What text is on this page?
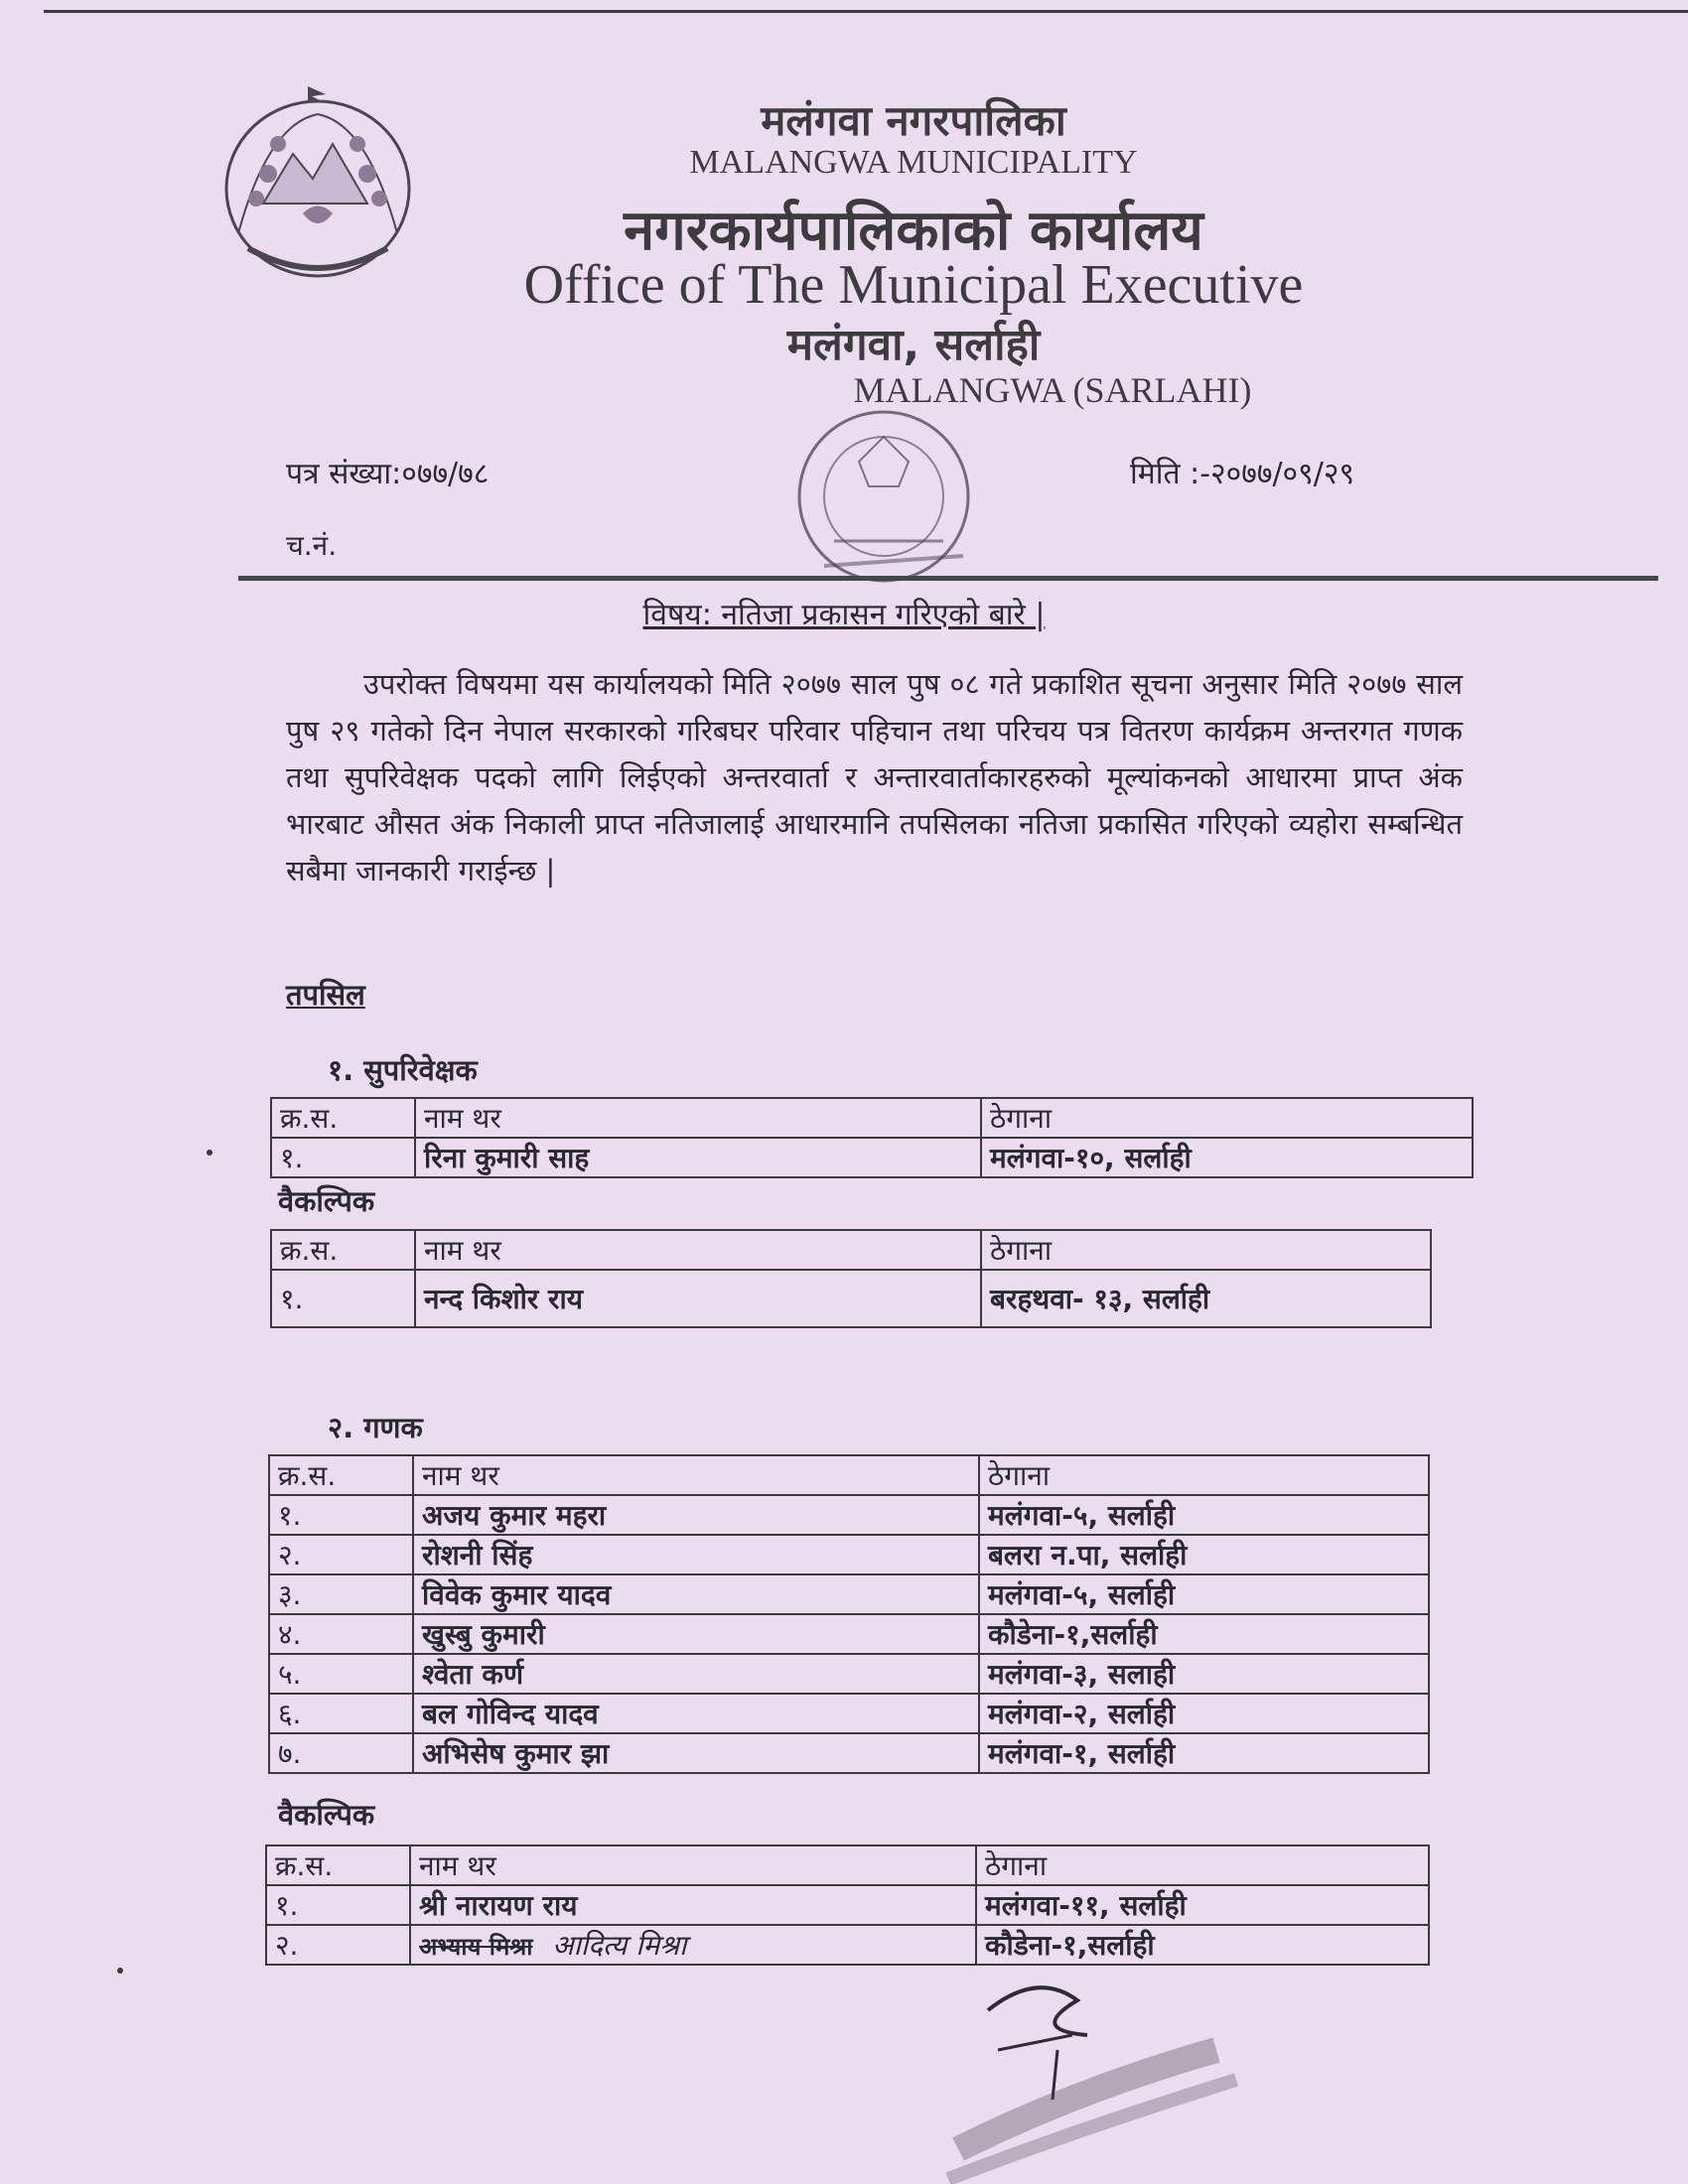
मलंगवा नगरपालिका
MALANGWA MUNICIPALITY
नगरकार्यपालिकाको कार्यालय
Office of The Municipal Executive
मलंगवा, सर्लाही
MALANGWA (SARLAHI)
पत्र संख्या:०७७/७८	मिति :-२०७७/०९/२९
च.नं.
विषय: नतिजा प्रकासन गरिएको बारे |
उपरोक्त विषयमा यस कार्यालयको मिति २०७७ साल पुष ०८ गते प्रकाशित सूचना अनुसार मिति २०७७ साल पुष २९ गतेको दिन नेपाल सरकारको गरिबघर परिवार पहिचान तथा परिचय पत्र वितरण कार्यक्रम अन्तरगत गणक तथा सुपरिवेक्षक पदको लागि लिईएको अन्तरवार्ता र अन्तारवार्ताकारहरुको मूल्यांकनको आधारमा प्राप्त अंक भारबाट औसत अंक निकाली प्राप्त नतिजालाई आधारमानि तपसिलका नतिजा प्रकासित गरिएको व्यहोरा सम्बन्धित सबैमा जानकारी गराईन्छ |
तपसिल
१. सुपरिवेक्षक
क्र.स.	नाम थर	ठेगाना
१.	रिना कुमारी साह	मलंगवा-१०, सर्लाही
वैकल्पिक
क्र.स.	नाम थर	ठेगाना
१.	नन्द किशोर राय	बरहथवा- १३, सर्लाही
२. गणक
क्र.स.	नाम थर	ठेगाना
१.	अजय कुमार महरा	मलंगवा-५, सर्लाही
२.	रोशनी सिंह	बलरा न.पा, सर्लाही
३.	विवेक कुमार यादव	मलंगवा-५, सर्लाही
४.	खुस्बु कुमारी	कौडेना-१,सर्लाही
५.	श्वेता कर्ण	मलंगवा-३, सलाही
६.	बल गोविन्द यादव	मलंगवा-२, सर्लाही
७.	अभिसेष कुमार झा	मलंगवा-१, सर्लाही
वैकल्पिक
क्र.स.	नाम थर	ठेगाना
१.	श्री नारायण राय	मलंगवा-११, सर्लाही
२.	अभ्याय मिश्रा आदित्य मिश्रा	कौडेना-१,सर्लाही
